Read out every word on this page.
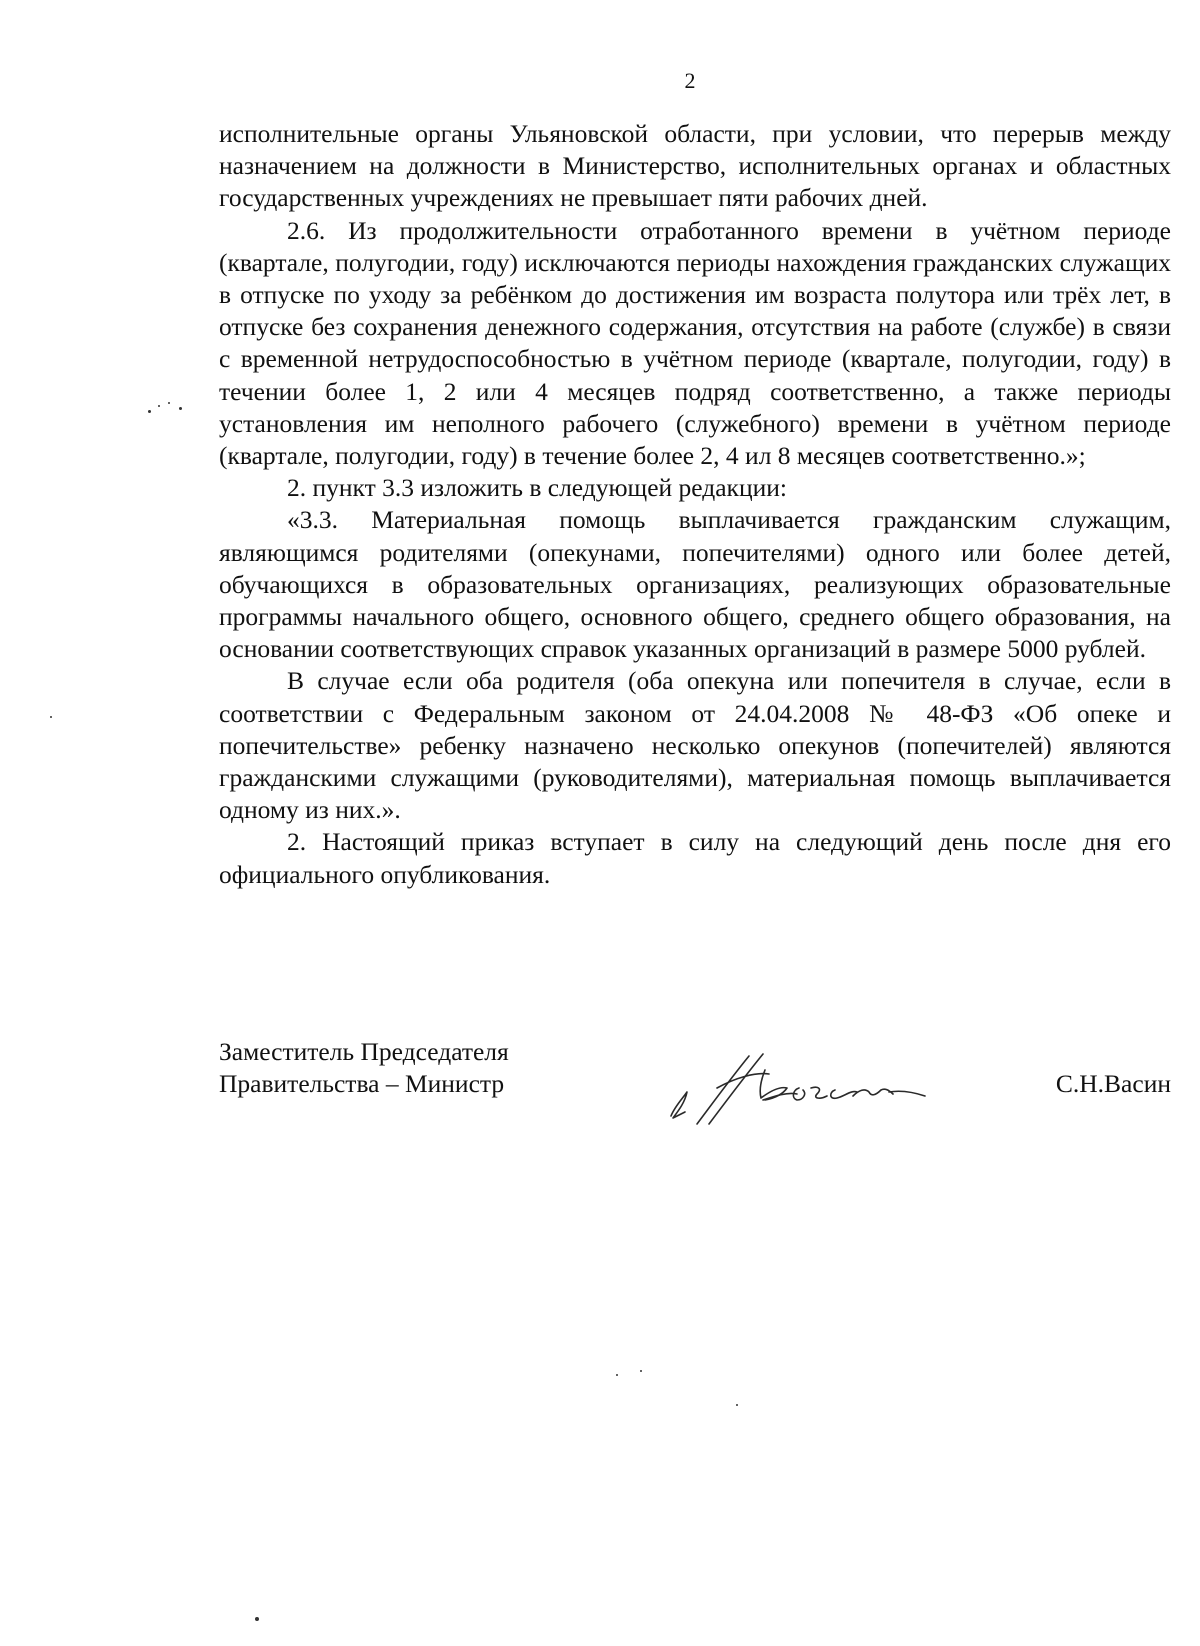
2

исполнительные органы Ульяновской области, при условии, что перерыв между назначением на должности в Министерство, исполнительных органах и областных государственных учреждениях не превышает пяти рабочих дней.

2.6. Из продолжительности отработанного времени в учётном периоде (квартале, полугодии, году) исключаются периоды нахождения гражданских служащих в отпуске по уходу за ребёнком до достижения им возраста полутора или трёх лет, в отпуске без сохранения денежного содержания, отсутствия на работе (службе) в связи с временной нетрудоспособностью в учётном периоде (квартале, полугодии, году) в течении более 1, 2 или 4 месяцев подряд соответственно, а также периоды установления им неполного рабочего (служебного) времени в учётном периоде (квартале, полугодии, году) в течение более 2, 4 ил 8 месяцев соответственно.»;

2. пункт 3.3 изложить в следующей редакции:

«3.3. Материальная помощь выплачивается гражданским служащим, являющимся родителями (опекунами, попечителями) одного или более детей, обучающихся в образовательных организациях, реализующих образовательные программы начального общего, основного общего, среднего общего образования, на основании соответствующих справок указанных организаций в размере 5000 рублей.

В случае если оба родителя (оба опекуна или попечителя в случае, если в соответствии с Федеральным законом от 24.04.2008 № 48-ФЗ «Об опеке и попечительстве» ребенку назначено несколько опекунов (попечителей) являются гражданскими служащими (руководителями), материальная помощь выплачивается одному из них.».

2. Настоящий приказ вступает в силу на следующий день после дня его официального опубликования.

Заместитель Председателя
Правительства – Министр	С.Н.Васин
